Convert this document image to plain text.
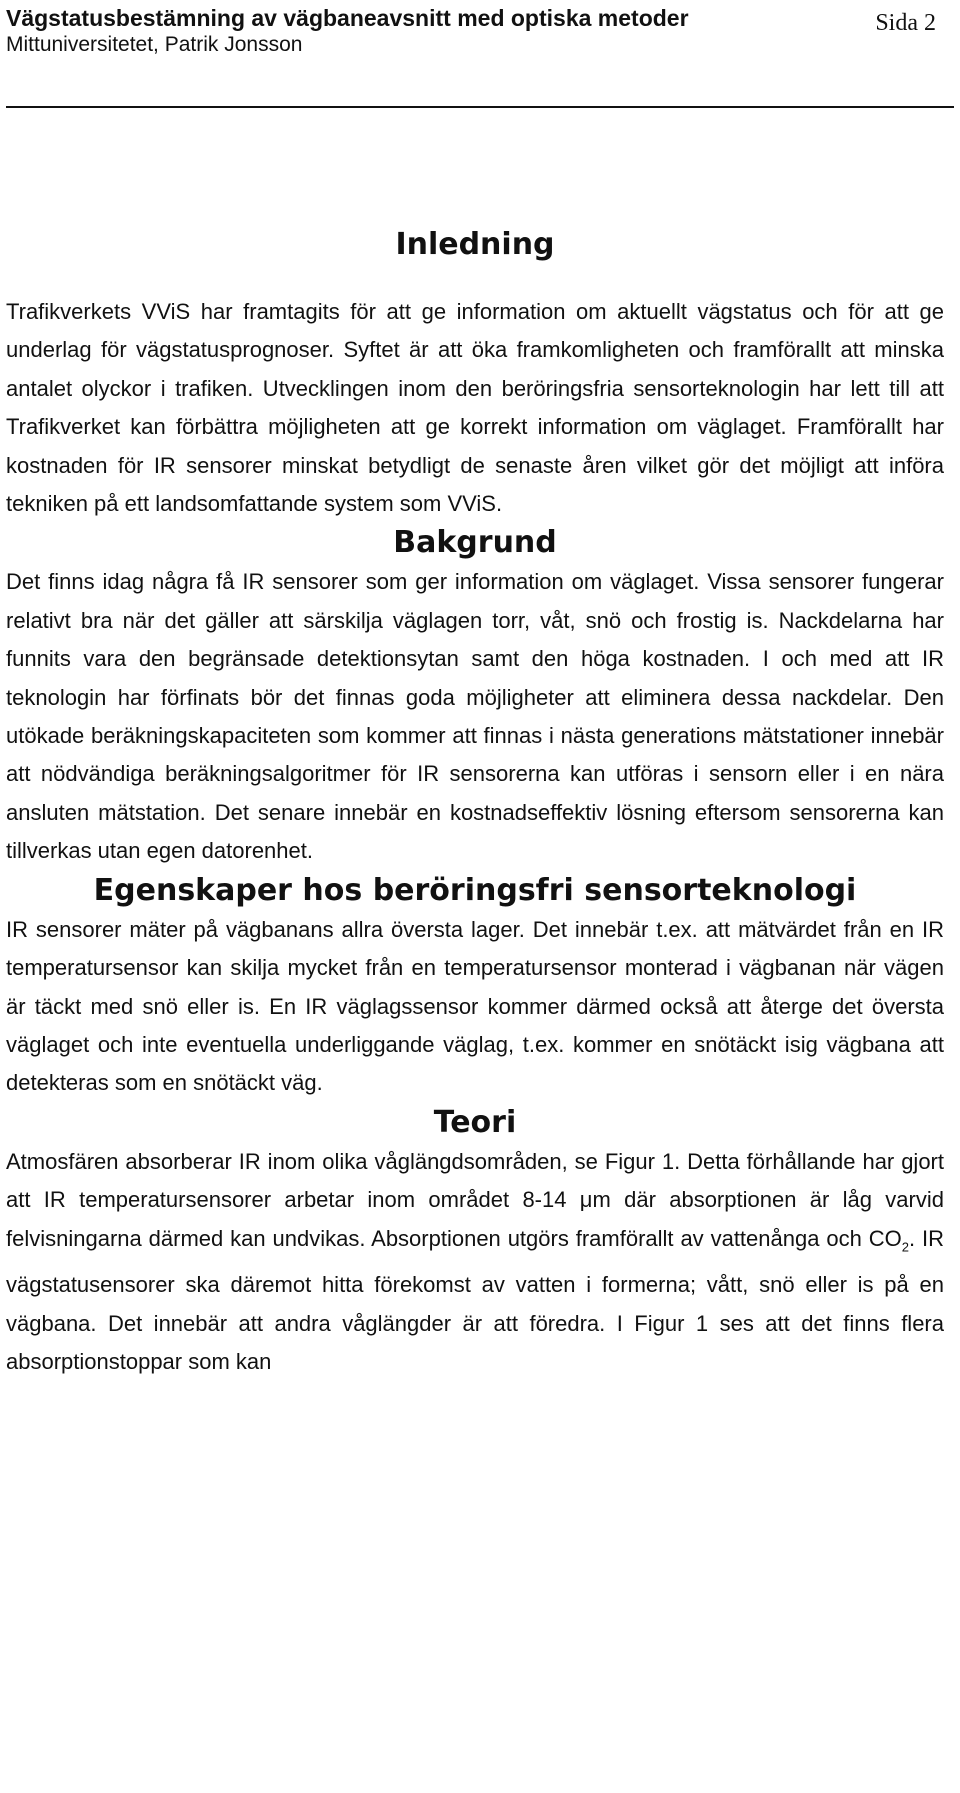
Vägstatusbestämning av vägbaneavsnitt med optiska metoder
Mittuniversitetet, Patrik Jonsson
Sida 2
Inledning

Trafikverkets VViS har framtagits för att ge information om aktuellt vägstatus och för att ge underlag för vägstatusprognoser. Syftet är att öka framkomligheten och framförallt att minska antalet olyckor i trafiken. Utvecklingen inom den beröringsfria sensorteknologin har lett till att Trafikverket kan förbättra möjligheten att ge korrekt information om väglaget. Framförallt har kostnaden för IR sensorer minskat betydligt de senaste åren vilket gör det möjligt att införa tekniken på ett landsomfattande system som VViS.

Bakgrund

Det finns idag några få IR sensorer som ger information om väglaget. Vissa sensorer fungerar relativt bra när det gäller att särskilja väglagen torr, våt, snö och frostig is. Nackdelarna har funnits vara den begränsade detektionsytan samt den höga kostnaden. I och med att IR teknologin har förfinats bör det finnas goda möjligheter att eliminera dessa nackdelar. Den utökade beräkningskapaciteten som kommer att finnas i nästa generations mätstationer innebär att nödvändiga beräkningsalgoritmer för IR sensorerna kan utföras i sensorn eller i en nära ansluten mätstation. Det senare innebär en kostnadseffektiv lösning eftersom sensorerna kan tillverkas utan egen datorenhet.

Egenskaper hos beröringsfri sensorteknologi

IR sensorer mäter på vägbanans allra översta lager. Det innebär t.ex. att mätvärdet från en IR temperatursensor kan skilja mycket från en temperatursensor monterad i vägbanan när vägen är täckt med snö eller is. En IR väglagssensor kommer därmed också att återge det översta väglaget och inte eventuella underliggande väglag, t.ex. kommer en snötäckt isig vägbana att detekteras som en snötäckt väg.

Teori

Atmosfären absorberar IR inom olika våglängdsområden, se Figur 1. Detta förhållande har gjort att IR temperatursensorer arbetar inom området 8-14 μm där absorptionen är låg varvid felvisningarna därmed kan undvikas. Absorptionen utgörs framförallt av vattenånga och $CO_2$. IR vägstatusensorer ska däremot hitta förekomst av vatten i formerna; vått, snö eller is på en vägbana. Det innebär att andra våglängder är att föredra. I Figur 1 ses att det finns flera absorptionstoppar som kan
